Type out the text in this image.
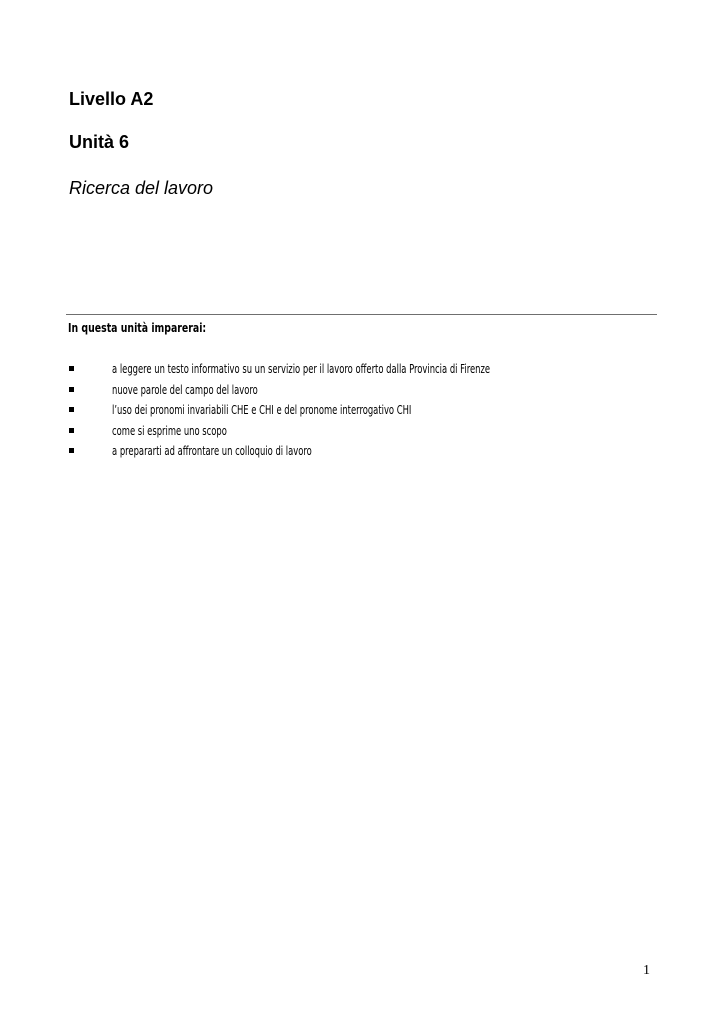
Livello A2
Unità 6
Ricerca del lavoro
In questa unità imparerai:
a leggere un testo informativo su un servizio per il lavoro offerto dalla Provincia di Firenze
nuove parole del campo del lavoro
l’uso dei pronomi invariabili CHE e CHI e del pronome interrogativo CHI
come si esprime uno scopo
a prepararti ad affrontare un colloquio di lavoro
1
